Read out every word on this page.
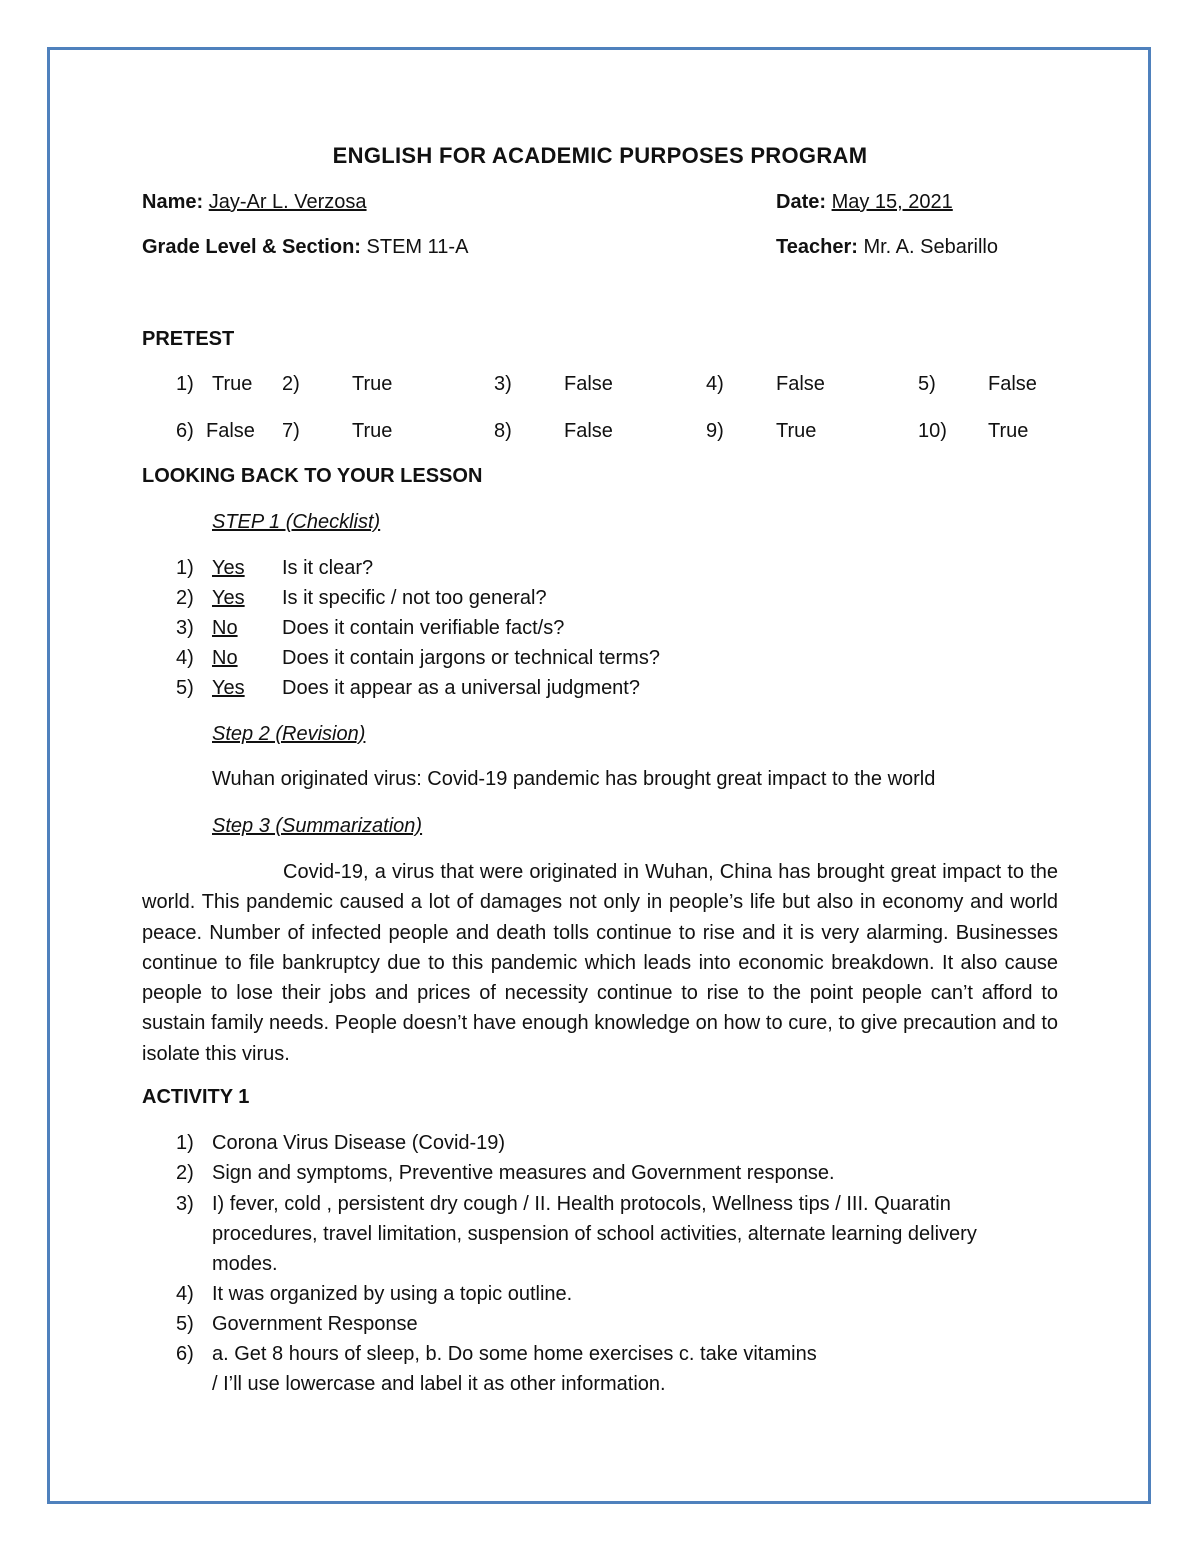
ENGLISH FOR ACADEMIC PURPOSES PROGRAM
Name: Jay-Ar L. Verzosa	Date: May 15, 2021
Grade Level & Section: STEM 11-A	Teacher: Mr. A. Sebarillo
PRETEST
1) True 2)	True	3)	False	4)	False	5)	False
6) False 7)	True	8)	False	9)	True	10) True
LOOKING BACK TO YOUR LESSON
STEP 1 (Checklist)
1) Yes Is it clear?
2) Yes Is it specific / not too general?
3) No Does it contain verifiable fact/s?
4) No Does it contain jargons or technical terms?
5) Yes Does it appear as a universal judgment?
Step 2 (Revision)
Wuhan originated virus: Covid-19 pandemic has brought great impact to the world
Step 3 (Summarization)
Covid-19, a virus that were originated in Wuhan, China has brought great impact to the world. This pandemic caused a lot of damages not only in people’s life but also in economy and world peace. Number of infected people and death tolls continue to rise and it is very alarming. Businesses continue to file bankruptcy due to this pandemic which leads into economic breakdown. It also cause people to lose their jobs and prices of necessity continue to rise to the point people can’t afford to sustain family needs. People doesn’t have enough knowledge on how to cure, to give precaution and to isolate this virus.
ACTIVITY 1
1) Corona Virus Disease (Covid-19)
2) Sign and symptoms, Preventive measures and Government response.
3) I) fever, cold , persistent dry cough / II. Health protocols, Wellness tips / III. Quaratin
procedures, travel limitation, suspension of school activities, alternate learning delivery
modes.
4) It was organized by using a topic outline.
5) Government Response
6) a. Get 8 hours of sleep, b. Do some home exercises c. take vitamins
/ I’ll use lowercase and label it as other information.
